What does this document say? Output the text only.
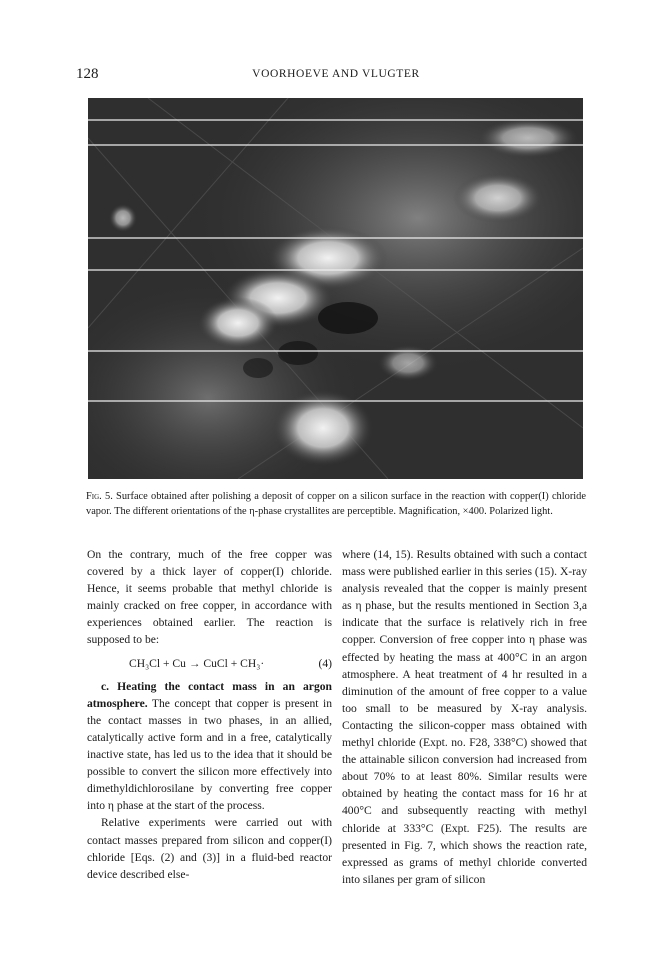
128	VOORHOEVE AND VLUGTER
Fig. 5. Surface obtained after polishing a deposit of copper on a silicon surface in the reaction with copper(I) chloride vapor. The different orientations of the η-phase crystallites are perceptible. Magnification, ×400. Polarized light.

On the contrary, much of the free copper was covered by a thick layer of copper(I) chloride. Hence, it seems probable that methyl chloride is mainly cracked on free copper, in accordance with experiences obtained earlier. The reaction is supposed to be:

CH₃Cl + Cu → CuCl + CH₃·	(4)

c. Heating the contact mass in an argon atmosphere. The concept that copper is present in the contact masses in two phases, in an allied, catalytically active form and in a free, catalytically inactive state, has led us to the idea that it should be possible to convert the silicon more effectively into dimethyldichlorosilane by converting free copper into η phase at the start of the process.

Relative experiments were carried out with contact masses prepared from silicon and copper(I) chloride [Eqs. (2) and (3)] in a fluid-bed reactor device described else-

where (14, 15). Results obtained with such a contact mass were published earlier in this series (15). X-ray analysis revealed that the copper is mainly present as η phase, but the results mentioned in Section 3,a indicate that the surface is relatively rich in free copper. Conversion of free copper into η phase was effected by heating the mass at 400°C in an argon atmosphere. A heat treatment of 4 hr resulted in a diminution of the amount of free copper to a value too small to be measured by X-ray analysis. Contacting the silicon-copper mass obtained with methyl chloride (Expt. no. F28, 338°C) showed that the attainable silicon conversion had increased from about 70% to at least 80%. Similar results were obtained by heating the contact mass for 16 hr at 400°C and subsequently reacting with methyl chloride at 333°C (Expt. F25). The results are presented in Fig. 7, which shows the reaction rate, expressed as grams of methyl chloride converted into silanes per gram of silicon
